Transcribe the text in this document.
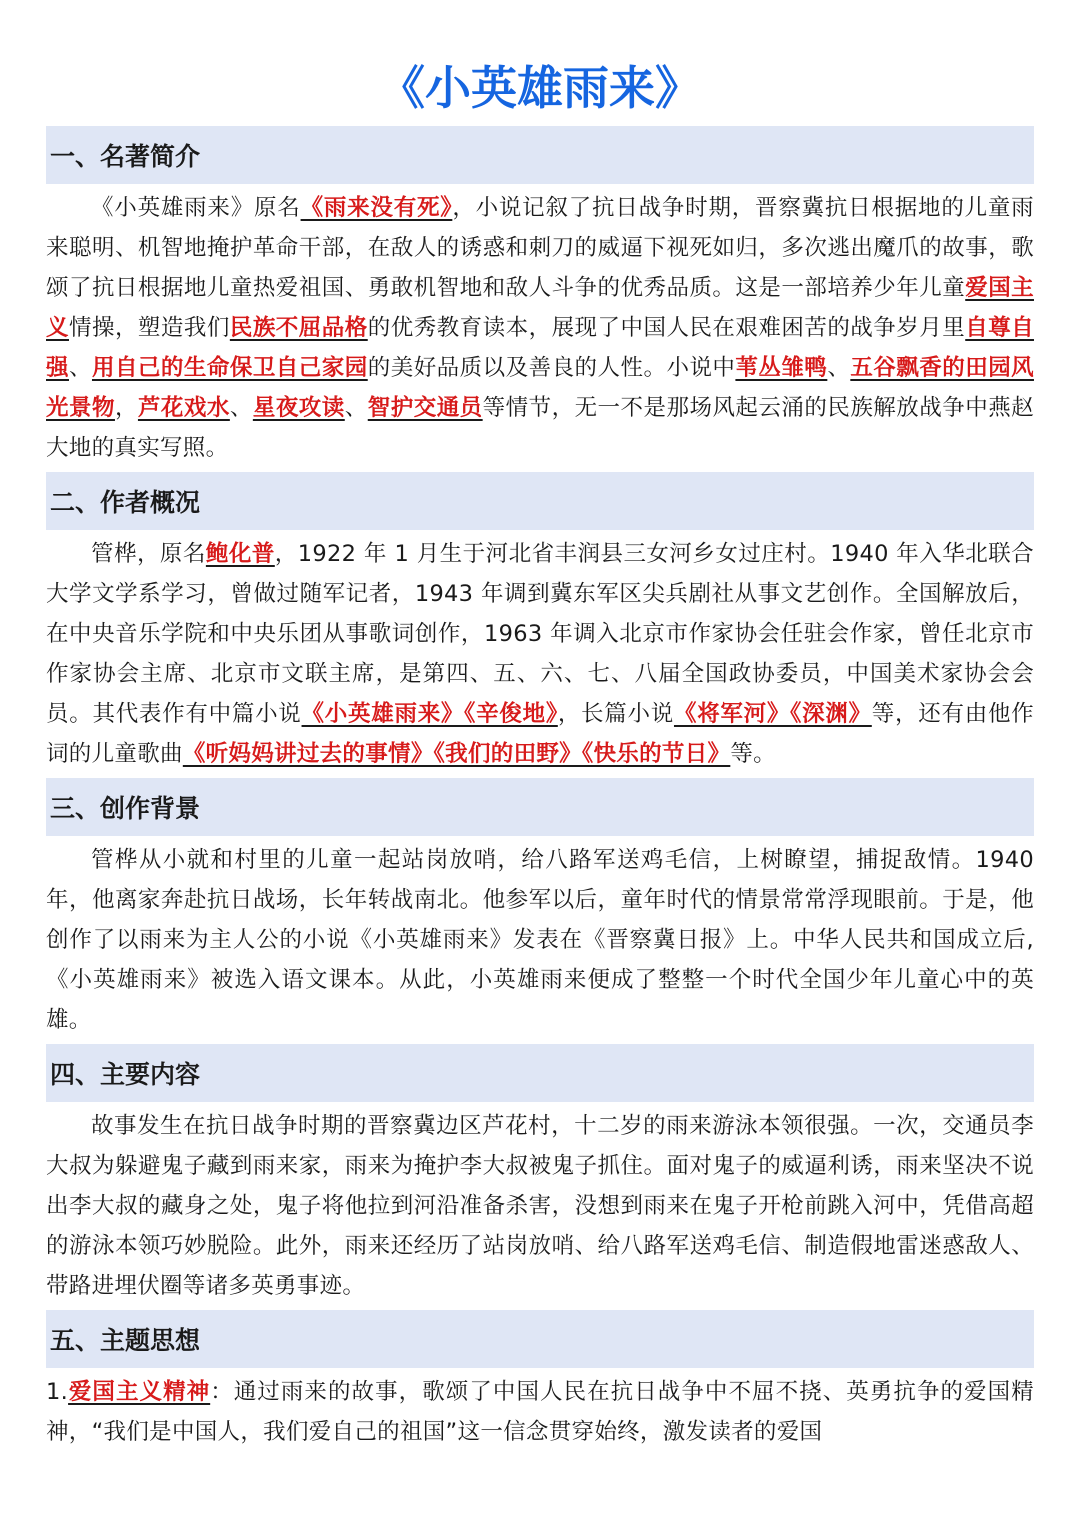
《小英雄雨来》
一、名著简介

《小英雄雨来》原名《雨来没有死》，小说记叙了抗日战争时期，晋察冀抗日根据地的儿童雨来聪明、机智地掩护革命干部，在敌人的诱惑和刺刀的威逼下视死如归，多次逃出魔爪的故事，歌颂了抗日根据地儿童热爱祖国、勇敢机智地和敌人斗争的优秀品质。这是一部培养少年儿童爱国主义情操，塑造我们民族不屈品格的优秀教育读本，展现了中国人民在艰难困苦的战争岁月里自尊自强、用自己的生命保卫自己家园的美好品质以及善良的人性。小说中苇丛雏鸭、五谷飘香的田园风光景物，芦花戏水、星夜攻读、智护交通员等情节，无一不是那场风起云涌的民族解放战争中燕赵大地的真实写照。

二、作者概况

管桦，原名鲍化普，1922 年 1 月生于河北省丰润县三女河乡女过庄村。1940 年入华北联合大学文学系学习，曾做过随军记者，1943 年调到冀东军区尖兵剧社从事文艺创作。全国解放后，在中央音乐学院和中央乐团从事歌词创作，1963 年调入北京市作家协会任驻会作家，曾任北京市作家协会主席、北京市文联主席，是第四、五、六、七、八届全国政协委员，中国美术家协会会员。其代表作有中篇小说《小英雄雨来》《辛俊地》，长篇小说《将军河》《深渊》等，还有由他作词的儿童歌曲《听妈妈讲过去的事情》《我们的田野》《快乐的节日》等。

三、创作背景

管桦从小就和村里的儿童一起站岗放哨，给八路军送鸡毛信，上树瞭望，捕捉敌情。1940 年，他离家奔赴抗日战场，长年转战南北。他参军以后，童年时代的情景常常浮现眼前。于是，他创作了以雨来为主人公的小说《小英雄雨来》发表在《晋察冀日报》上。中华人民共和国成立后,《小英雄雨来》被选入语文课本。从此，小英雄雨来便成了整整一个时代全国少年儿童心中的英雄。

四、主要内容

故事发生在抗日战争时期的晋察冀边区芦花村，十二岁的雨来游泳本领很强。一次，交通员李大叔为躲避鬼子藏到雨来家，雨来为掩护李大叔被鬼子抓住。面对鬼子的威逼利诱，雨来坚决不说出李大叔的藏身之处，鬼子将他拉到河沿准备杀害，没想到雨来在鬼子开枪前跳入河中，凭借高超的游泳本领巧妙脱险。此外，雨来还经历了站岗放哨、给八路军送鸡毛信、制造假地雷迷惑敌人、带路进埋伏圈等诸多英勇事迹。

五、主题思想

1.爱国主义精神：通过雨来的故事，歌颂了中国人民在抗日战争中不屈不挠、英勇抗争的爱国精神，“我们是中国人，我们爱自己的祖国”这一信念贯穿始终，激发读者的爱国
